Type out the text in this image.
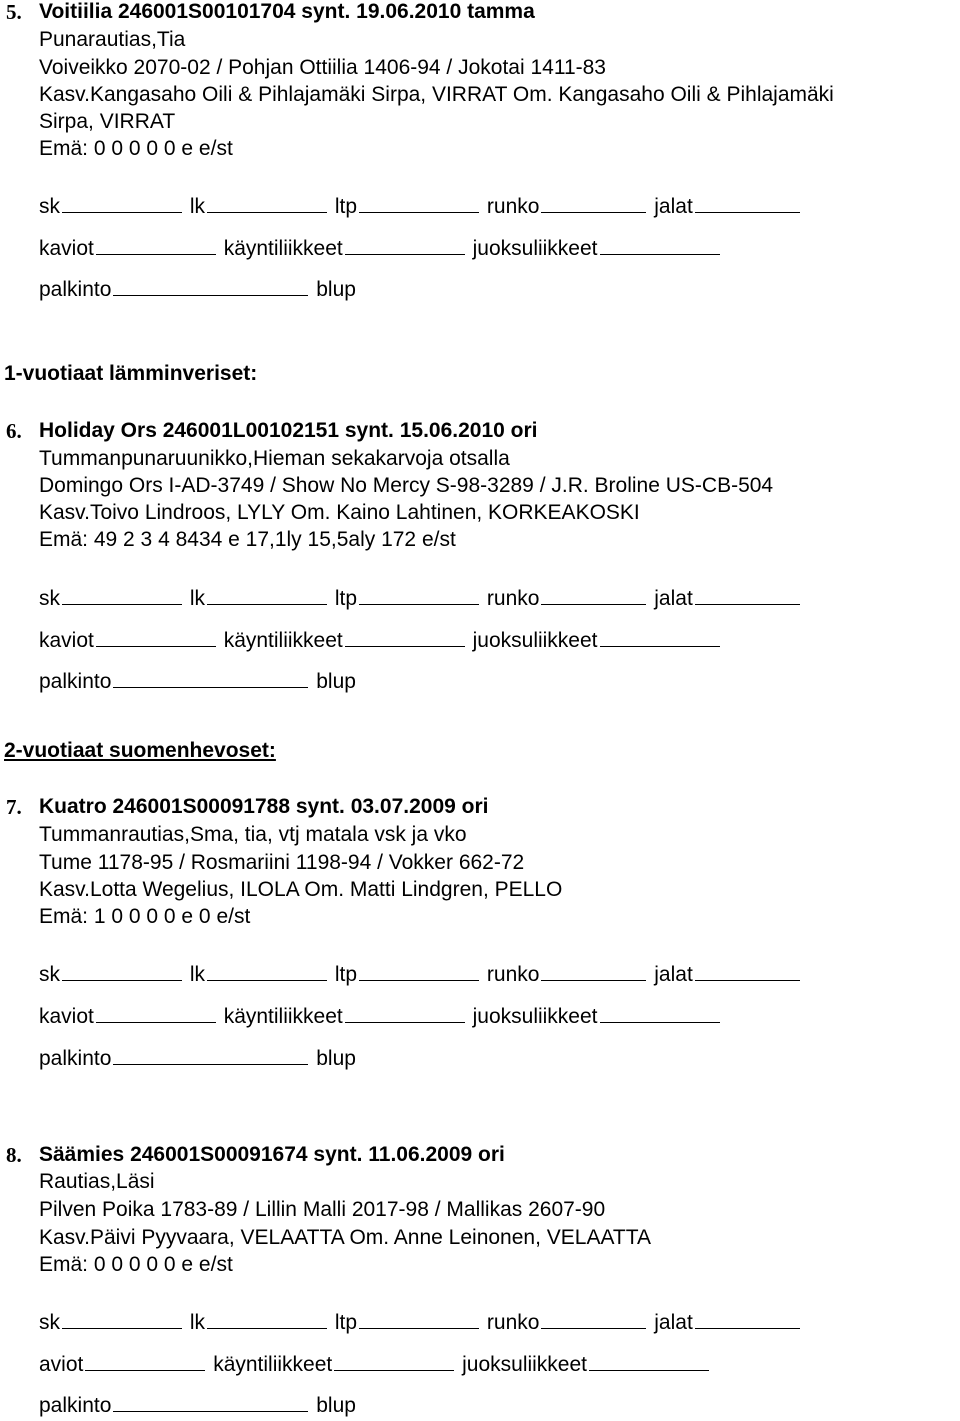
5. Voitiilia 246001S00101704 synt. 19.06.2010 tamma
Punarautias,Tia
Voiveikko 2070-02 / Pohjan Ottiilia 1406-94 / Jokotai 1411-83
Kasv.Kangasaho Oili & Pihlajamäki Sirpa, VIRRAT Om. Kangasaho Oili & Pihlajamäki
Sirpa, VIRRAT
Emä: 0 0 0 0 0 e e/st
sk	lk	ltp	runko	jalat
kaviot	käyntiliikkeet	juoksuliikkeet
palkinto	blup
1-vuotiaat lämminveriset:
6. Holiday Ors 246001L00102151 synt. 15.06.2010 ori
Tummanpunaruunikko,Hieman sekakarvoja otsalla
Domingo Ors I-AD-3749 / Show No Mercy S-98-3289 / J.R. Broline US-CB-504
Kasv.Toivo Lindroos, LYLY Om. Kaino Lahtinen, KORKEAKOSKI
Emä: 49 2 3 4 8434 e 17,1ly 15,5aly 172 e/st
sk	lk	ltp	runko	jalat
kaviot	käyntiliikkeet	juoksuliikkeet
palkinto	blup
2-vuotiaat suomenhevoset:
7. Kuatro 246001S00091788 synt. 03.07.2009 ori
Tummanrautias,Sma, tia, vtj matala vsk ja vko
Tume 1178-95 / Rosmariini 1198-94 / Vokker 662-72
Kasv.Lotta Wegelius, ILOLA Om. Matti Lindgren, PELLO
Emä: 1 0 0 0 0 e 0 e/st
sk	lk	ltp	runko	jalat
kaviot	käyntiliikkeet	juoksuliikkeet
palkinto	blup
8. Säämies 246001S00091674 synt. 11.06.2009 ori
Rautias,Läsi
Pilven Poika 1783-89 / Lillin Malli 2017-98 / Mallikas 2607-90
Kasv.Päivi Pyyvaara, VELAATTA Om. Anne Leinonen, VELAATTA
Emä: 0 0 0 0 0 e e/st
sk	lk	ltp	runko	jalat
aviot	käyntiliikkeet	juoksuliikkeet
palkinto	blup
